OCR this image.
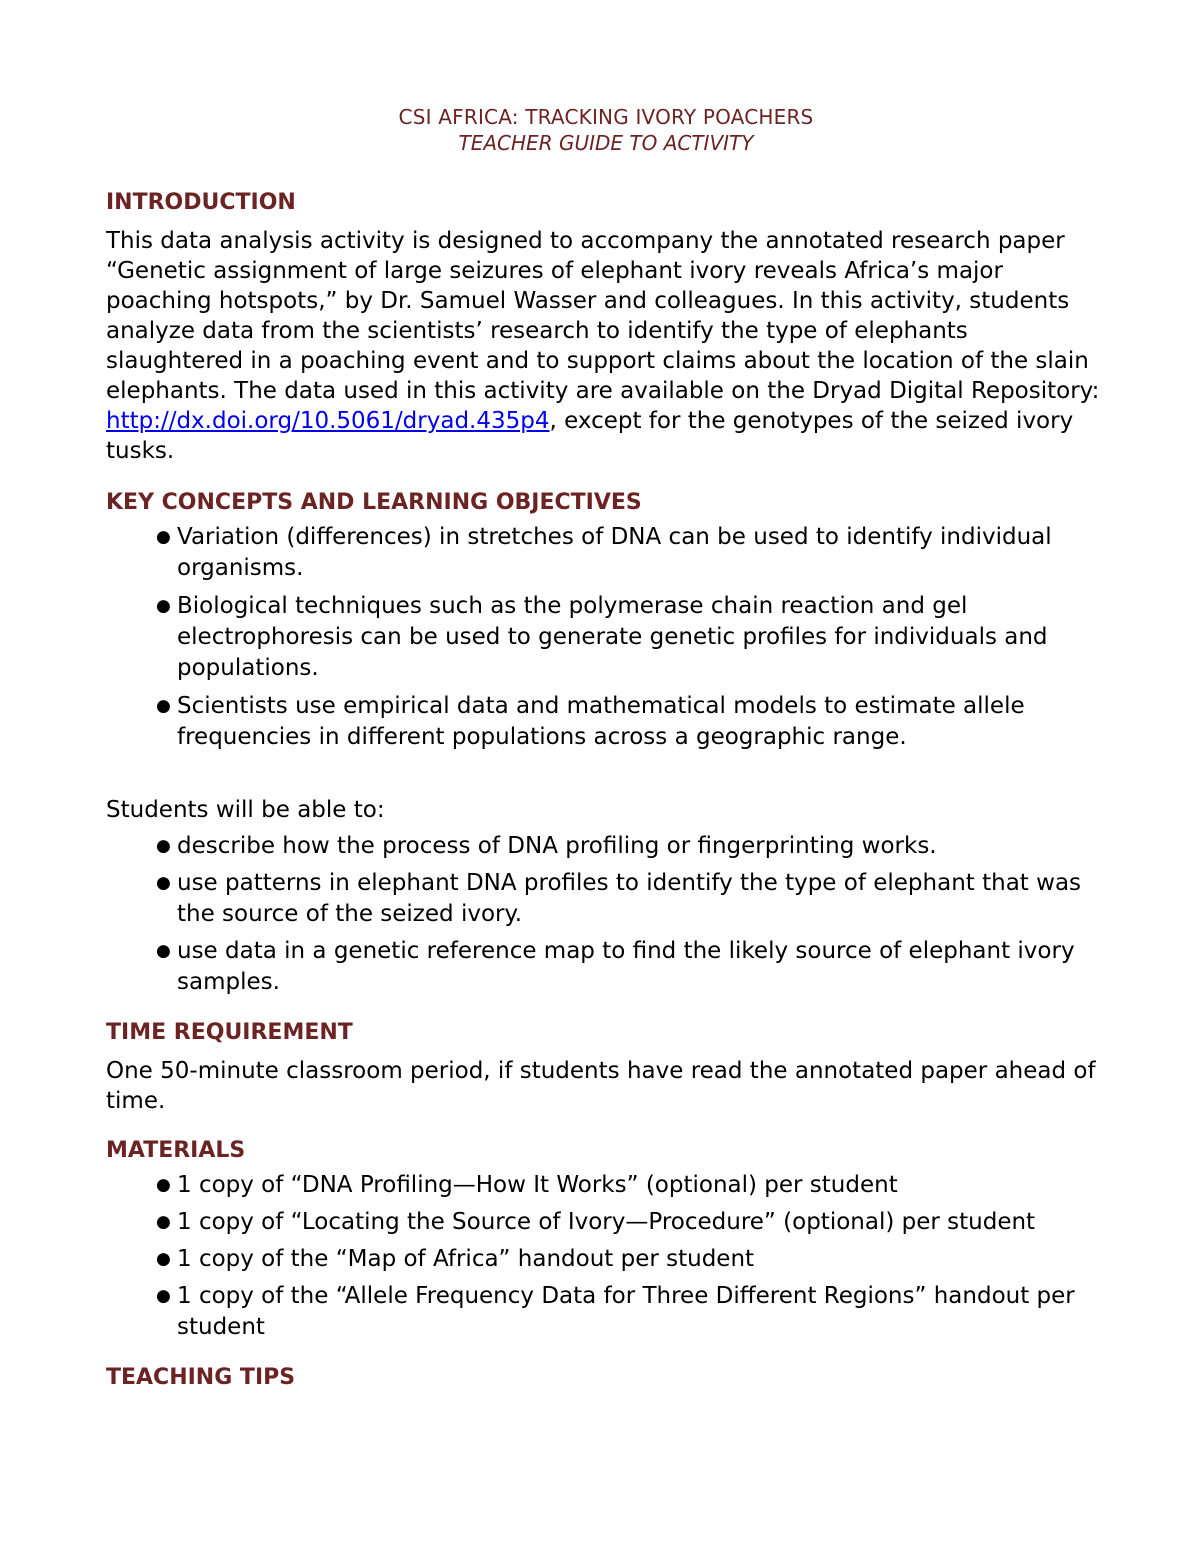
CSI AFRICA: TRACKING IVORY POACHERS
TEACHER GUIDE TO ACTIVITY
INTRODUCTION

This data analysis activity is designed to accompany the annotated research paper “Genetic assignment of large seizures of elephant ivory reveals Africa’s major poaching hotspots,” by Dr. Samuel Wasser and colleagues. In this activity, students analyze data from the scientists’ research to identify the type of elephants slaughtered in a poaching event and to support claims about the location of the slain elephants. The data used in this activity are available on the Dryad Digital Repository: http://dx.doi.org/10.5061/dryad.435p4, except for the genotypes of the seized ivory tusks.

KEY CONCEPTS AND LEARNING OBJECTIVES
● Variation (differences) in stretches of DNA can be used to identify individual organisms.
● Biological techniques such as the polymerase chain reaction and gel electrophoresis can be used to generate genetic profiles for individuals and populations.
● Scientists use empirical data and mathematical models to estimate allele frequencies in different populations across a geographic range.

Students will be able to:

● describe how the process of DNA profiling or fingerprinting works.
● use patterns in elephant DNA profiles to identify the type of elephant that was the source of the seized ivory.
● use data in a genetic reference map to find the likely source of elephant ivory samples.
TIME REQUIREMENT

One 50-minute classroom period, if students have read the annotated paper ahead of time.

MATERIALS
● 1 copy of “DNA Profiling—How It Works” (optional) per student
● 1 copy of “Locating the Source of Ivory—Procedure” (optional) per student
● 1 copy of the “Map of Africa” handout per student
● 1 copy of the “Allele Frequency Data for Three Different Regions” handout per student
TEACHING TIPS
